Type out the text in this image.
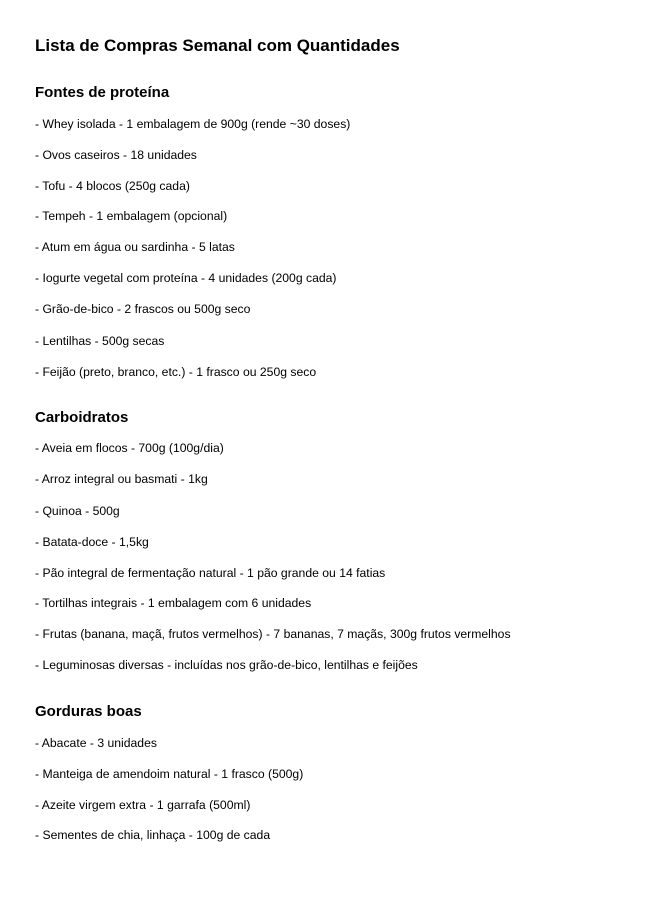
Lista de Compras Semanal com Quantidades
Fontes de proteína

- Whey isolada - 1 embalagem de 900g (rende ~30 doses)

- Ovos caseiros - 18 unidades

- Tofu - 4 blocos (250g cada)

- Tempeh - 1 embalagem (opcional)

- Atum em água ou sardinha - 5 latas

- Iogurte vegetal com proteína - 4 unidades (200g cada)

- Grão-de-bico - 2 frascos ou 500g seco

- Lentilhas - 500g secas

- Feijão (preto, branco, etc.) - 1 frasco ou 250g seco

Carboidratos

- Aveia em flocos - 700g (100g/dia)

- Arroz integral ou basmati - 1kg

- Quinoa - 500g

- Batata-doce - 1,5kg

- Pão integral de fermentação natural - 1 pão grande ou 14 fatias

- Tortilhas integrais - 1 embalagem com 6 unidades

- Frutas (banana, maçã, frutos vermelhos) - 7 bananas, 7 maçãs, 300g frutos vermelhos

- Leguminosas diversas - incluídas nos grão-de-bico, lentilhas e feijões

Gorduras boas

- Abacate - 3 unidades

- Manteiga de amendoim natural - 1 frasco (500g)

- Azeite virgem extra - 1 garrafa (500ml)

- Sementes de chia, linhaça - 100g de cada
